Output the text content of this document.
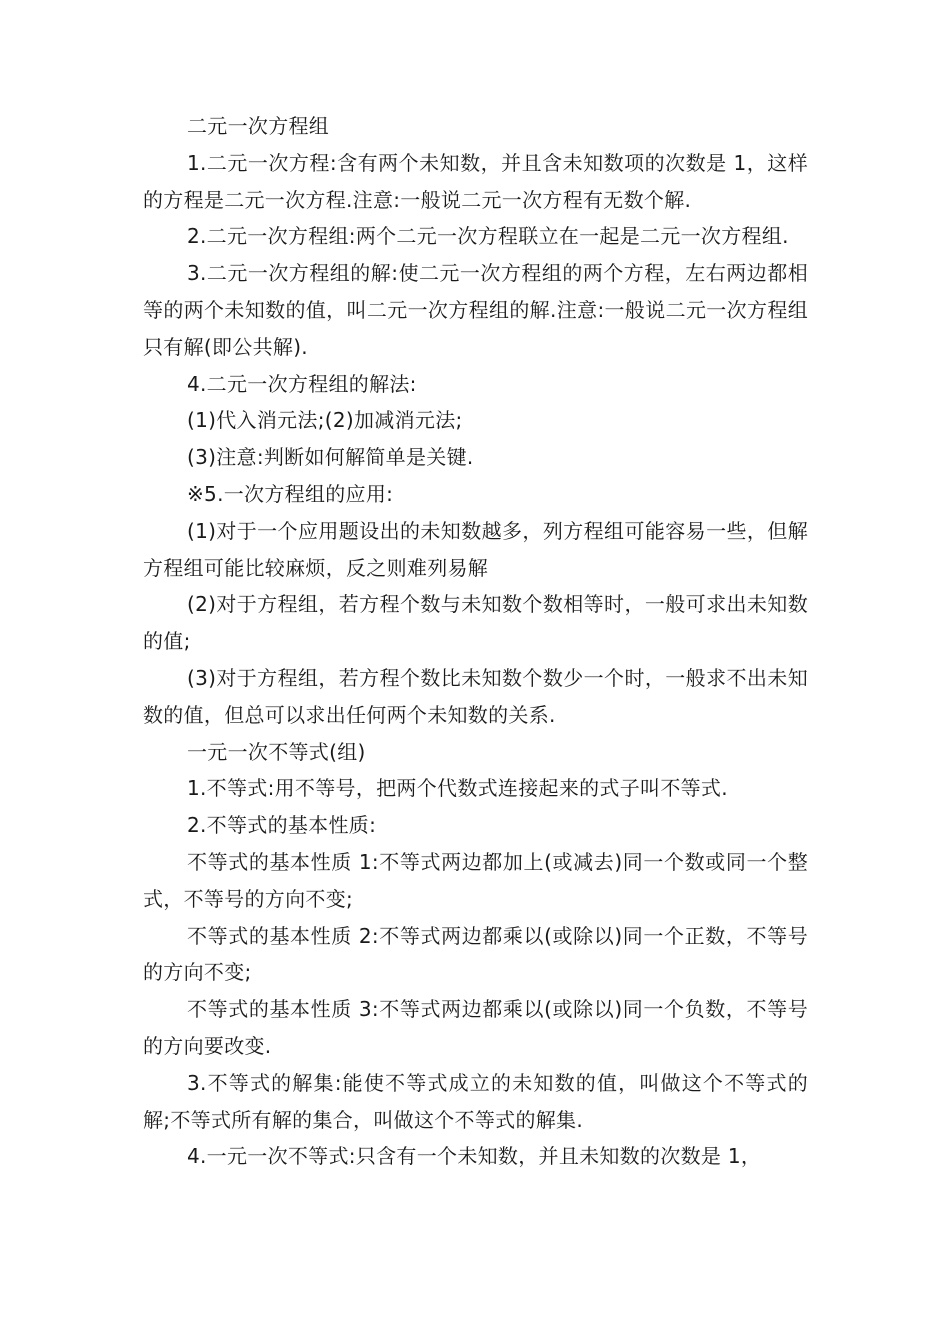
二元一次方程组

1.二元一次方程:含有两个未知数，并且含未知数项的次数是 1，这样的方程是二元一次方程.注意:一般说二元一次方程有无数个解.

2.二元一次方程组:两个二元一次方程联立在一起是二元一次方程组.

3.二元一次方程组的解:使二元一次方程组的两个方程，左右两边都相等的两个未知数的值，叫二元一次方程组的解.注意:一般说二元一次方程组只有解(即公共解).

4.二元一次方程组的解法:

(1)代入消元法;(2)加减消元法;

(3)注意:判断如何解简单是关键.

※5.一次方程组的应用:

(1)对于一个应用题设出的未知数越多，列方程组可能容易一些，但解方程组可能比较麻烦，反之则难列易解

(2)对于方程组，若方程个数与未知数个数相等时，一般可求出未知数的值;

(3)对于方程组，若方程个数比未知数个数少一个时，一般求不出未知数的值，但总可以求出任何两个未知数的关系.

一元一次不等式(组)

1.不等式:用不等号，把两个代数式连接起来的式子叫不等式.

2.不等式的基本性质:

不等式的基本性质 1:不等式两边都加上(或减去)同一个数或同一个整式，不等号的方向不变;

不等式的基本性质 2:不等式两边都乘以(或除以)同一个正数，不等号的方向不变;

不等式的基本性质 3:不等式两边都乘以(或除以)同一个负数，不等号的方向要改变.

3.不等式的解集:能使不等式成立的未知数的值，叫做这个不等式的解;不等式所有解的集合，叫做这个不等式的解集.

4.一元一次不等式:只含有一个未知数，并且未知数的次数是 1，
